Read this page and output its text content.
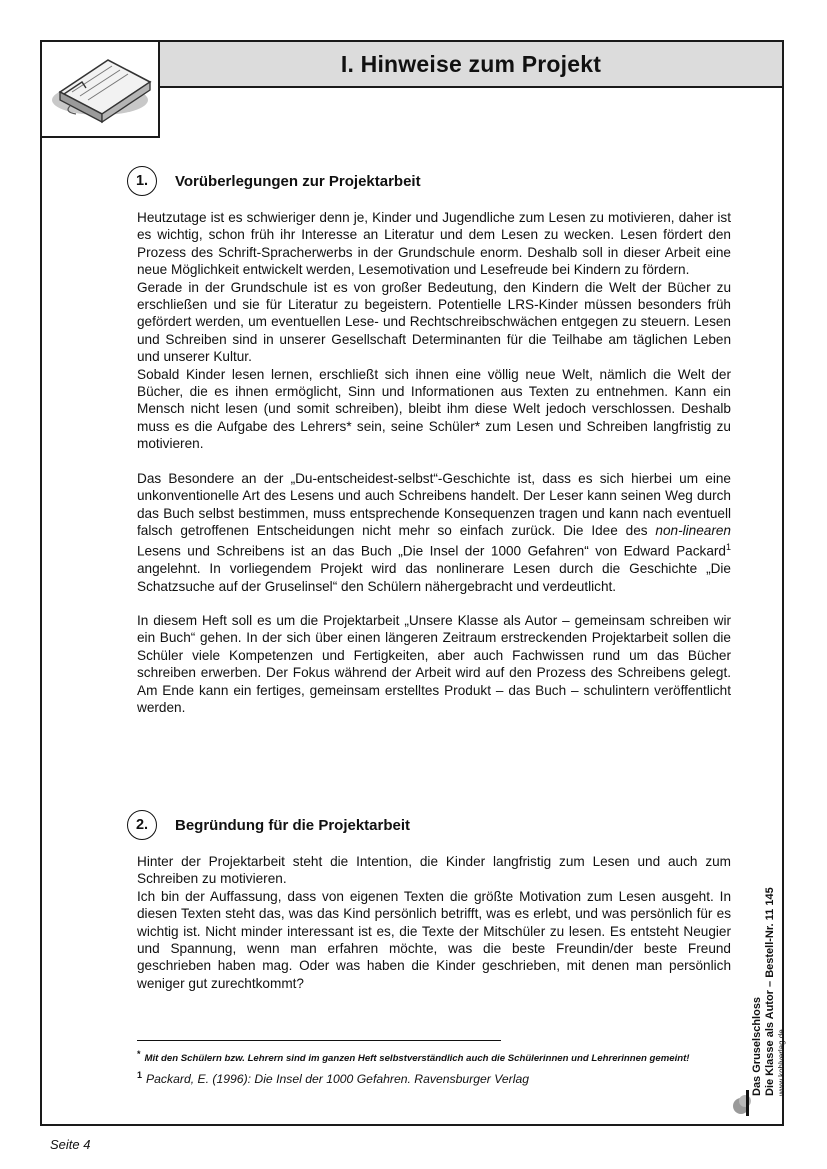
I. Hinweise zum Projekt
1.	Vorüberlegungen zur Projektarbeit

Heutzutage ist es schwieriger denn je, Kinder und Jugendliche zum Lesen zu motivieren, daher ist es wichtig, schon früh ihr Interesse an Literatur und dem Lesen zu wecken. Lesen fördert den Prozess des Schrift-Spracherwerbs in der Grundschule enorm. Deshalb soll in dieser Arbeit eine neue Möglichkeit entwickelt werden, Lesemotivation und Lesefreude bei Kindern zu fördern.

Gerade in der Grundschule ist es von großer Bedeutung, den Kindern die Welt der Bücher zu erschließen und sie für Literatur zu begeistern. Potentielle LRS-Kinder müssen besonders früh gefördert werden, um eventuellen Lese- und Rechtschreibschwächen entgegen zu steuern. Lesen und Schreiben sind in unserer Gesellschaft Determinanten für die Teilhabe am täglichen Leben und unserer Kultur.

Sobald Kinder lesen lernen, erschließt sich ihnen eine völlig neue Welt, nämlich die Welt der Bücher, die es ihnen ermöglicht, Sinn und Informationen aus Texten zu entnehmen. Kann ein Mensch nicht lesen (und somit schreiben), bleibt ihm diese Welt jedoch verschlossen. Deshalb muss es die Aufgabe des Lehrers* sein, seine Schüler* zum Lesen und Schreiben langfristig zu motivieren.

Das Besondere an der „Du-entscheidest-selbst“-Geschichte ist, dass es sich hierbei um eine unkonventionelle Art des Lesens und auch Schreibens handelt. Der Leser kann seinen Weg durch das Buch selbst bestimmen, muss entsprechende Konsequenzen tragen und kann nach eventuell falsch getroffenen Entscheidungen nicht mehr so einfach zurück. Die Idee des non-linearen Lesens und Schreibens ist an das Buch „Die Insel der 1000 Gefahren“ von Edward Packard$^1$ angelehnt. In vorliegendem Projekt wird das nonlinerare Lesen durch die Geschichte „Die Schatzsuche auf der Gruselinsel“ den Schülern nähergebracht und verdeutlicht.

In diesem Heft soll es um die Projektarbeit „Unsere Klasse als Autor – gemeinsam schreiben wir ein Buch“ gehen. In der sich über einen längeren Zeitraum erstreckenden Projektarbeit sollen die Schüler viele Kompetenzen und Fertigkeiten, aber auch Fachwissen rund um das Bücher schreiben erwerben. Der Fokus während der Arbeit wird auf den Prozess des Schreibens gelegt. Am Ende kann ein fertiges, gemeinsam erstelltes Produkt – das Buch – schulintern veröffentlicht werden.

2.	Begründung für die Projektarbeit

Hinter der Projektarbeit steht die Intention, die Kinder langfristig zum Lesen und auch zum Schreiben zu motivieren.

Ich bin der Auffassung, dass von eigenen Texten die größte Motivation zum Lesen ausgeht. In diesen Texten steht das, was das Kind persönlich betrifft, was es erlebt, und was persönlich für es wichtig ist. Nicht minder interessant ist es, die Texte der Mitschüler zu lesen. Es entsteht Neugier und Spannung, wenn man erfahren möchte, was die beste Freundin/der beste Freund geschrieben haben mag. Oder was haben die Kinder geschrieben, mit denen man persönlich weniger gut zurechtkommt?

* Mit den Schülern bzw. Lehrern sind im ganzen Heft selbstverständlich auch die Schülerinnen und Lehrerinnen gemeint!
$^1$ Packard, E. (1996): Die Insel der 1000 Gefahren. Ravensburger Verlag	Das Gruselschloss Die Klasse als Autor – Bestell-Nr. 11 145 www.kohlverlag.de
Seite 4
